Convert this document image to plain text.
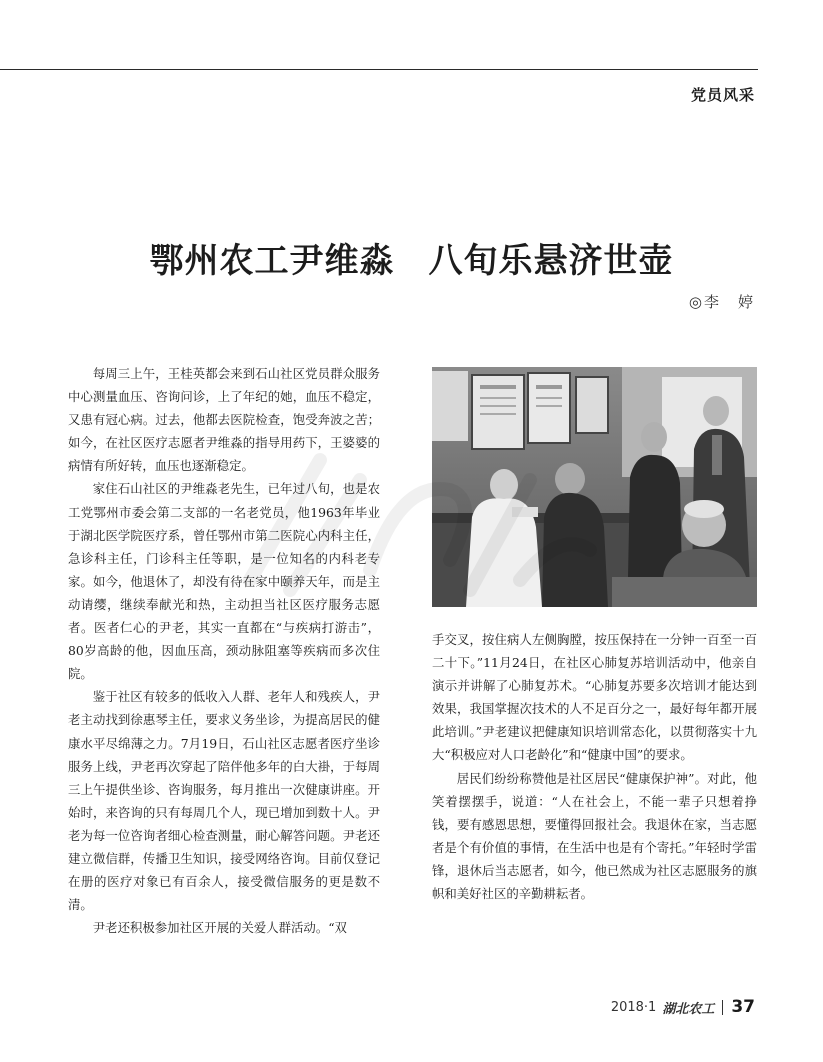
党员风采
鄂州农工尹维淼 八旬乐悬济世壶
◎李　婷

每周三上午，王桂英都会来到石山社区党员群众服务中心测量血压、咨询问诊，上了年纪的她，血压不稳定，又患有冠心病。过去，他都去医院检查，饱受奔波之苦；如今，在社区医疗志愿者尹维淼的指导用药下，王婆婆的病情有所好转，血压也逐渐稳定。

家住石山社区的尹维淼老先生，已年过八旬，也是农工党鄂州市委会第二支部的一名老党员，他1963年毕业于湖北医学院医疗系，曾任鄂州市第二医院心内科主任，急诊科主任，门诊科主任等职，是一位知名的内科老专家。如今，他退休了，却没有待在家中颐养天年，而是主动请缨，继续奉献光和热，主动担当社区医疗服务志愿者。医者仁心的尹老，其实一直都在“与疾病打游击”，80岁高龄的他，因血压高，颈动脉阻塞等疾病而多次住院。

鉴于社区有较多的低收入人群、老年人和残疾人，尹老主动找到徐惠琴主任，要求义务坐诊，为提高居民的健康水平尽绵薄之力。7月19日，石山社区志愿者医疗坐诊服务上线，尹老再次穿起了陪伴他多年的白大褂，于每周三上午提供坐诊、咨询服务，每月推出一次健康讲座。开始时，来咨询的只有每周几个人，现已增加到数十人。尹老为每一位咨询者细心检查测量，耐心解答问题。尹老还建立微信群，传播卫生知识，接受网络咨询。目前仅登记在册的医疗对象已有百余人，接受微信服务的更是数不清。

尹老还积极参加社区开展的关爱人群活动。“双

手交叉，按住病人左侧胸膛，按压保持在一分钟一百至一百二十下。”11月24日，在社区心肺复苏培训活动中，他亲自演示并讲解了心肺复苏术。“心肺复苏要多次培训才能达到效果，我国掌握次技术的人不足百分之一，最好每年都开展此培训。”尹老建议把健康知识培训常态化，以贯彻落实十九大“积极应对人口老龄化”和“健康中国”的要求。

居民们纷纷称赞他是社区居民“健康保护神”。对此，他笑着摆摆手，说道：“人在社会上，不能一辈子只想着挣钱，要有感恩思想，要懂得回报社会。我退休在家，当志愿者是个有价值的事情，在生活中也是有个寄托。”年轻时学雷锋，退休后当志愿者，如今，他已然成为社区志愿服务的旗帜和美好社区的辛勤耕耘者。

2018·1 湖北农工 37
